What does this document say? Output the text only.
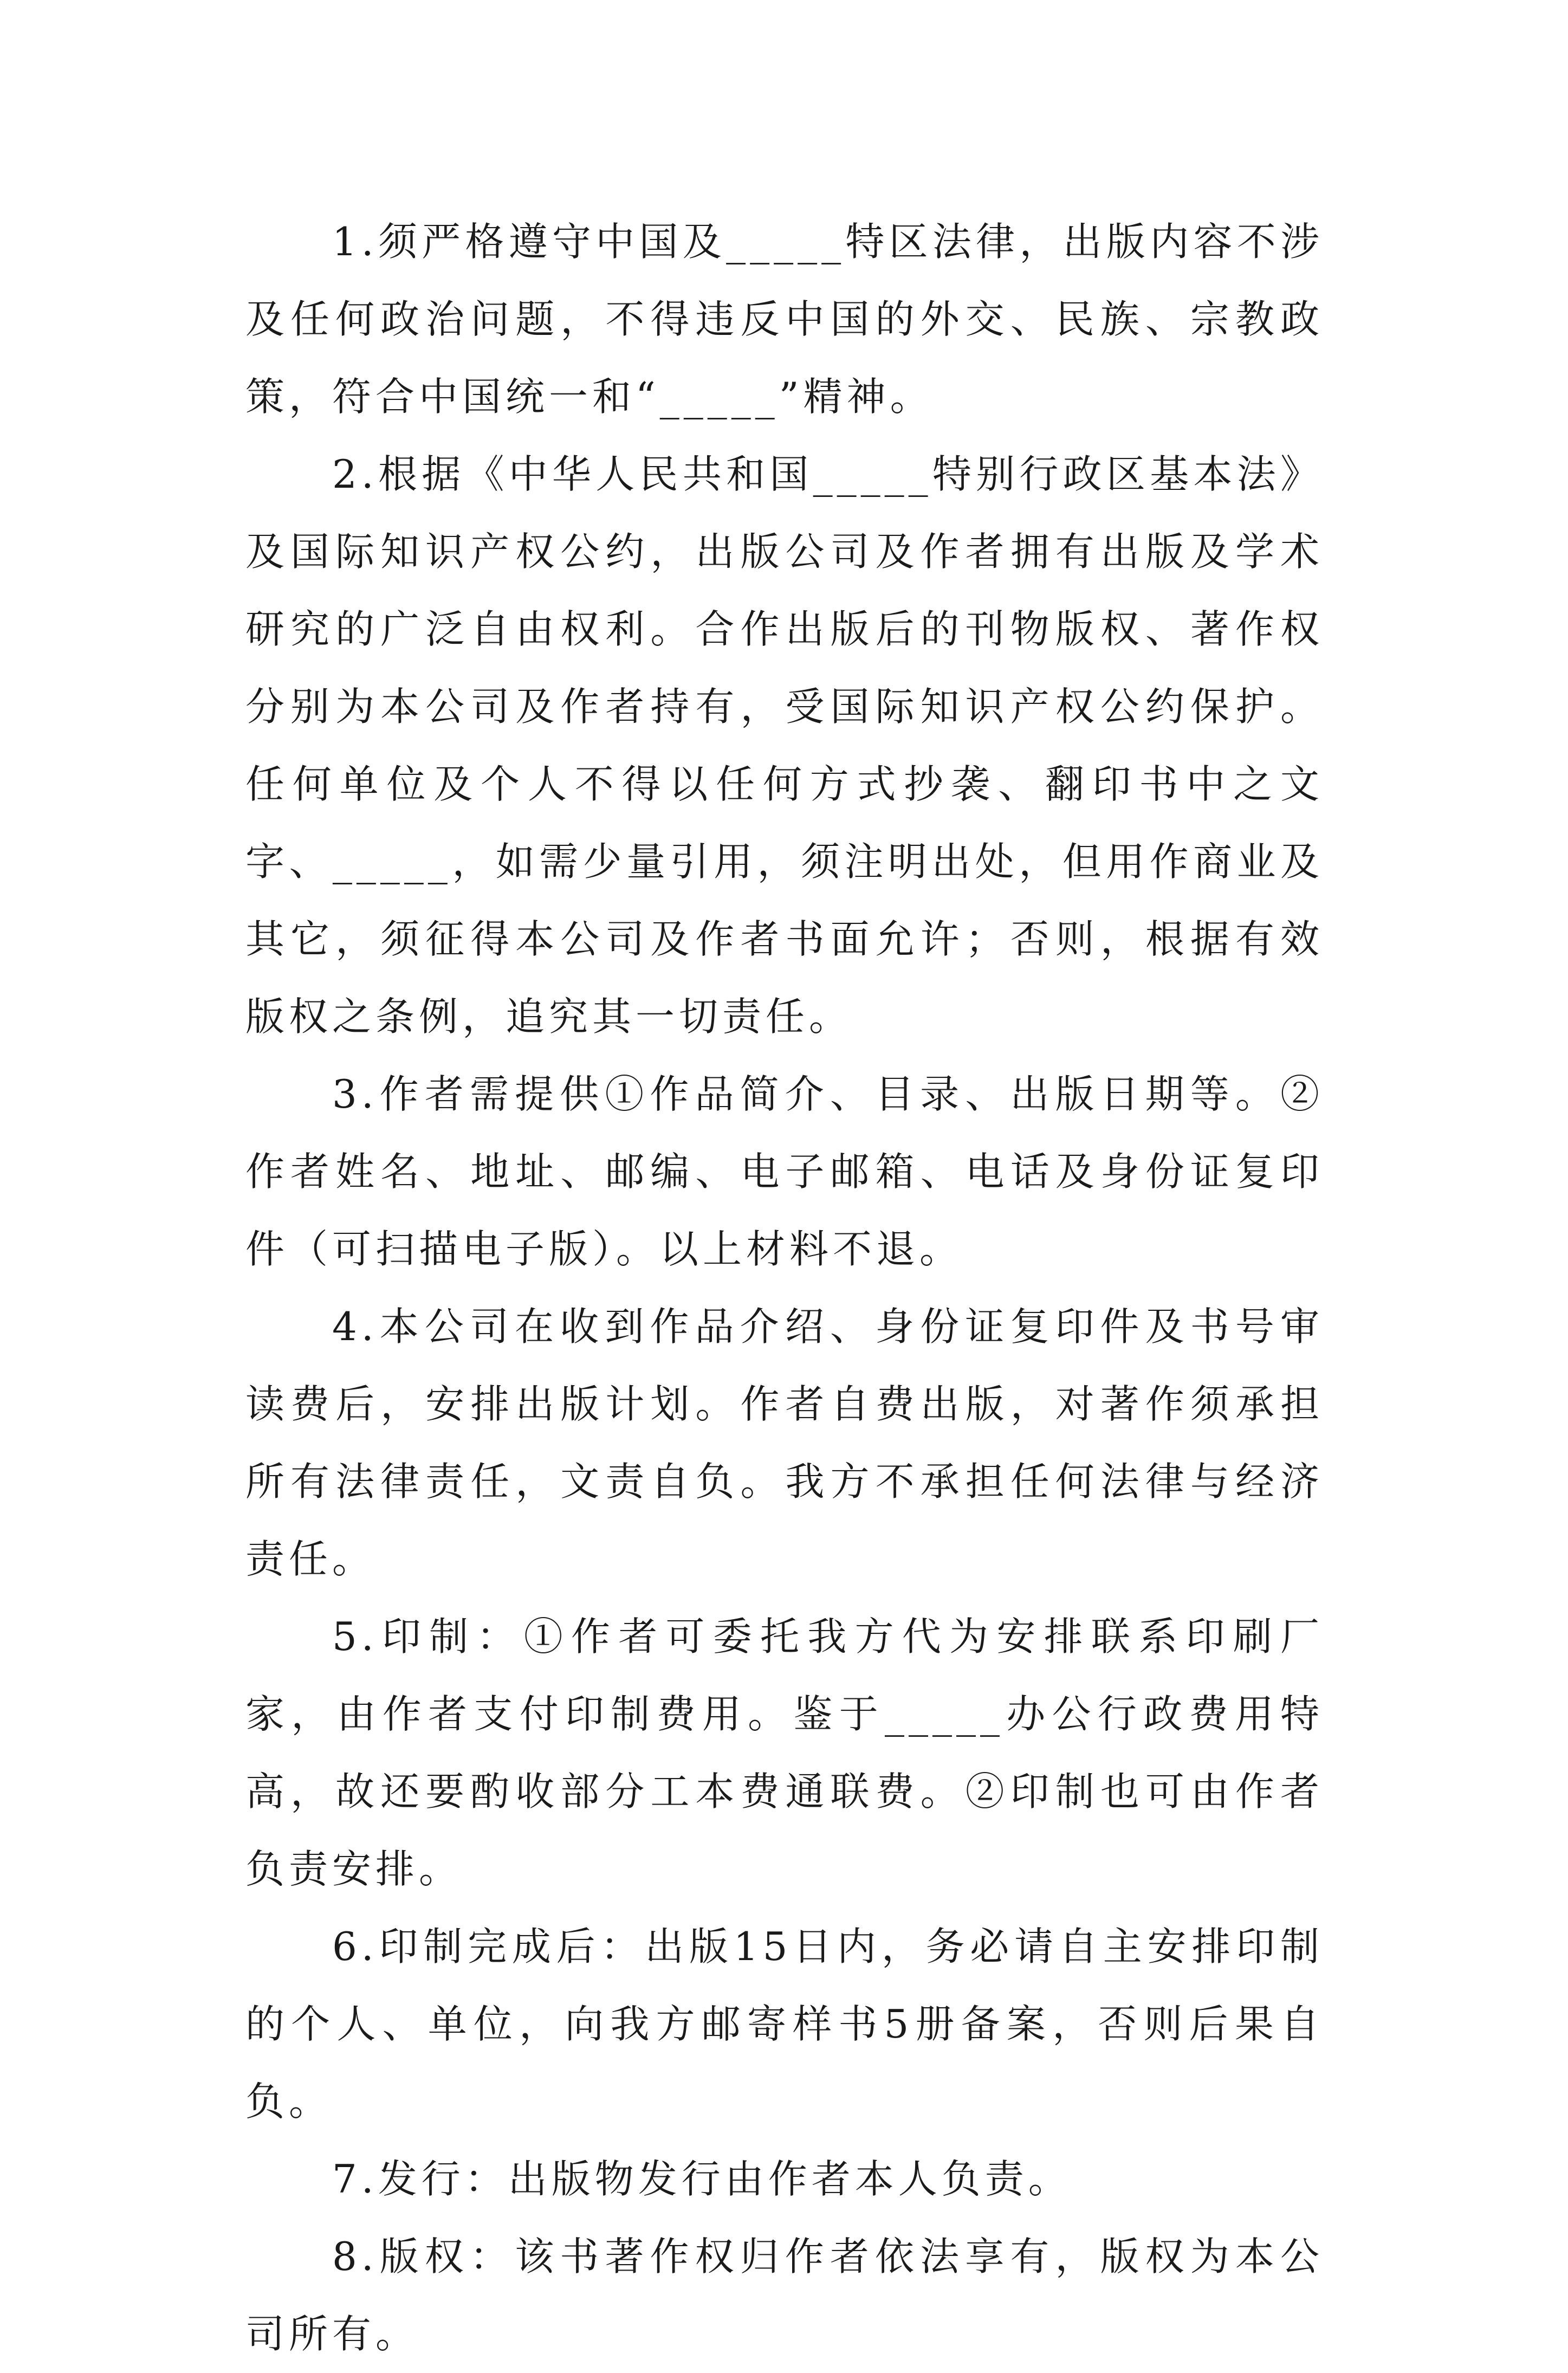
1.须严格遵守中国及_____特区法律，出版内容不涉及任何政治问题，不得违反中国的外交、民族、宗教政策，符合中国统一和“_____”精神。

2.根据《中华人民共和国_____特别行政区基本法》及国际知识产权公约，出版公司及作者拥有出版及学术研究的广泛自由权利。合作出版后的刊物版权、著作权分别为本公司及作者持有，受国际知识产权公约保护。任何单位及个人不得以任何方式抄袭、翻印书中之文字、_____，如需少量引用，须注明出处，但用作商业及其它，须征得本公司及作者书面允许；否则，根据有效版权之条例，追究其一切责任。

3.作者需提供①作品简介、目录、出版日期等。②作者姓名、地址、邮编、电子邮箱、电话及身份证复印件（可扫描电子版）。以上材料不退。

4.本公司在收到作品介绍、身份证复印件及书号审读费后，安排出版计划。作者自费出版，对著作须承担所有法律责任，文责自负。我方不承担任何法律与经济责任。

5.印制：①作者可委托我方代为安排联系印刷厂家，由作者支付印制费用。鉴于_____办公行政费用特高，故还要酌收部分工本费通联费。②印制也可由作者负责安排。

6.印制完成后：出版15日内，务必请自主安排印制的个人、单位，向我方邮寄样书5册备案，否则后果自负。

7.发行：出版物发行由作者本人负责。

8.版权：该书著作权归作者依法享有，版权为本公司所有。
